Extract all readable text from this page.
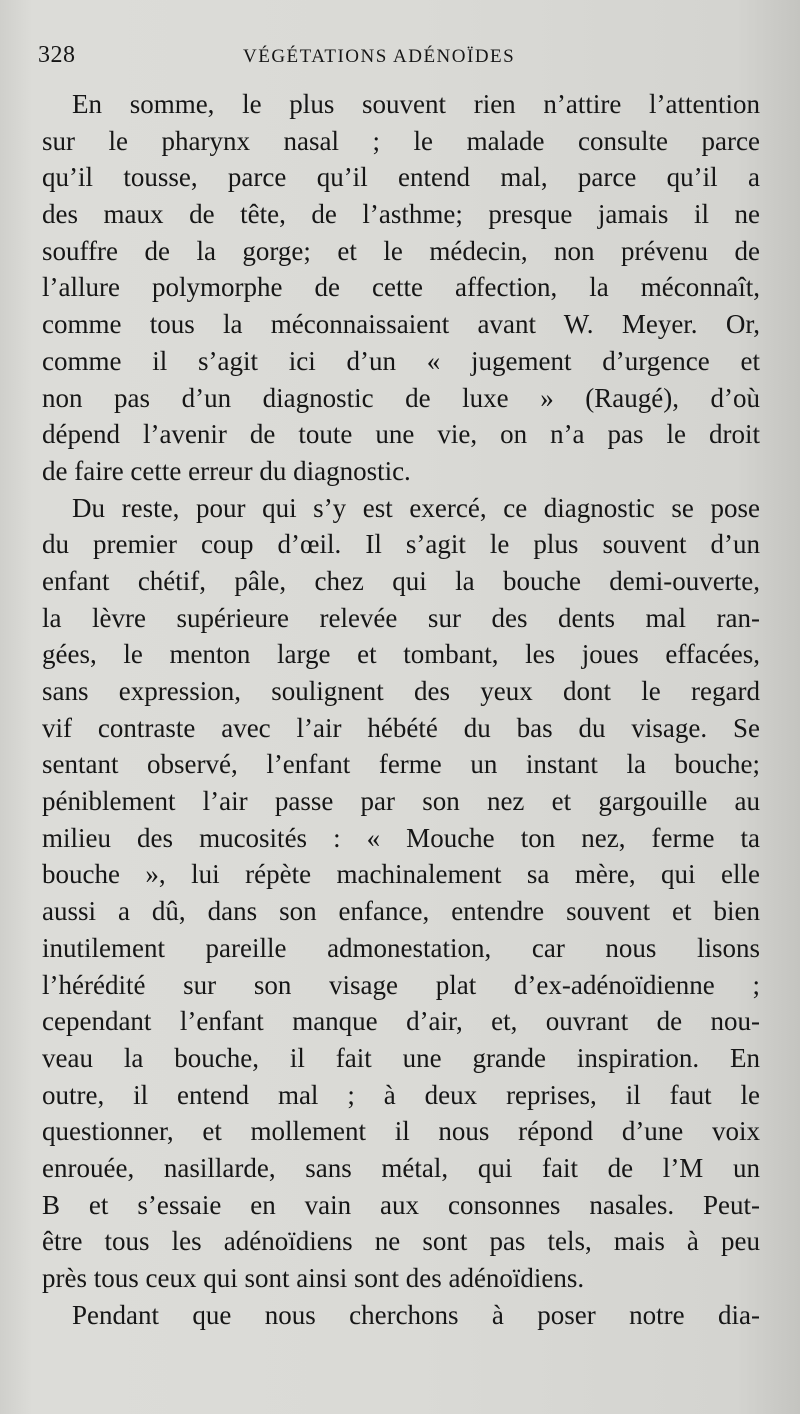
328	VÉGÉTATIONS ADÉNOÏDES
En somme, le plus souvent rien n’attire l’attention
sur le pharynx nasal ; le malade consulte parce
qu’il tousse, parce qu’il entend mal, parce qu’il a
des maux de tête, de l’asthme; presque jamais il ne
souffre de la gorge; et le médecin, non prévenu de
l’allure polymorphe de cette affection, la méconnaît,
comme tous la méconnaissaient avant W. Meyer. Or,
comme il s’agit ici d’un « jugement d’urgence et
non pas d’un diagnostic de luxe » (Raugé), d’où
dépend l’avenir de toute une vie, on n’a pas le droit
de faire cette erreur du diagnostic.
Du reste, pour qui s’y est exercé, ce diagnostic se pose
du premier coup d’œil. Il s’agit le plus souvent d’un
enfant chétif, pâle, chez qui la bouche demi-ouverte,
la lèvre supérieure relevée sur des dents mal ran-
gées, le menton large et tombant, les joues effacées,
sans expression, soulignent des yeux dont le regard
vif contraste avec l’air hébété du bas du visage. Se
sentant observé, l’enfant ferme un instant la bouche;
péniblement l’air passe par son nez et gargouille au
milieu des mucosités : « Mouche ton nez, ferme ta
bouche », lui répète machinalement sa mère, qui elle
aussi a dû, dans son enfance, entendre souvent et bien
inutilement pareille admonestation, car nous lisons
l’hérédité sur son visage plat d’ex-adénoïdienne ;
cependant l’enfant manque d’air, et, ouvrant de nou-
veau la bouche, il fait une grande inspiration. En
outre, il entend mal ; à deux reprises, il faut le
questionner, et mollement il nous répond d’une voix
enrouée, nasillarde, sans métal, qui fait de l’M un
B et s’essaie en vain aux consonnes nasales. Peut-
être tous les adénoïdiens ne sont pas tels, mais à peu
près tous ceux qui sont ainsi sont des adénoïdiens.
Pendant que nous cherchons à poser notre dia-
